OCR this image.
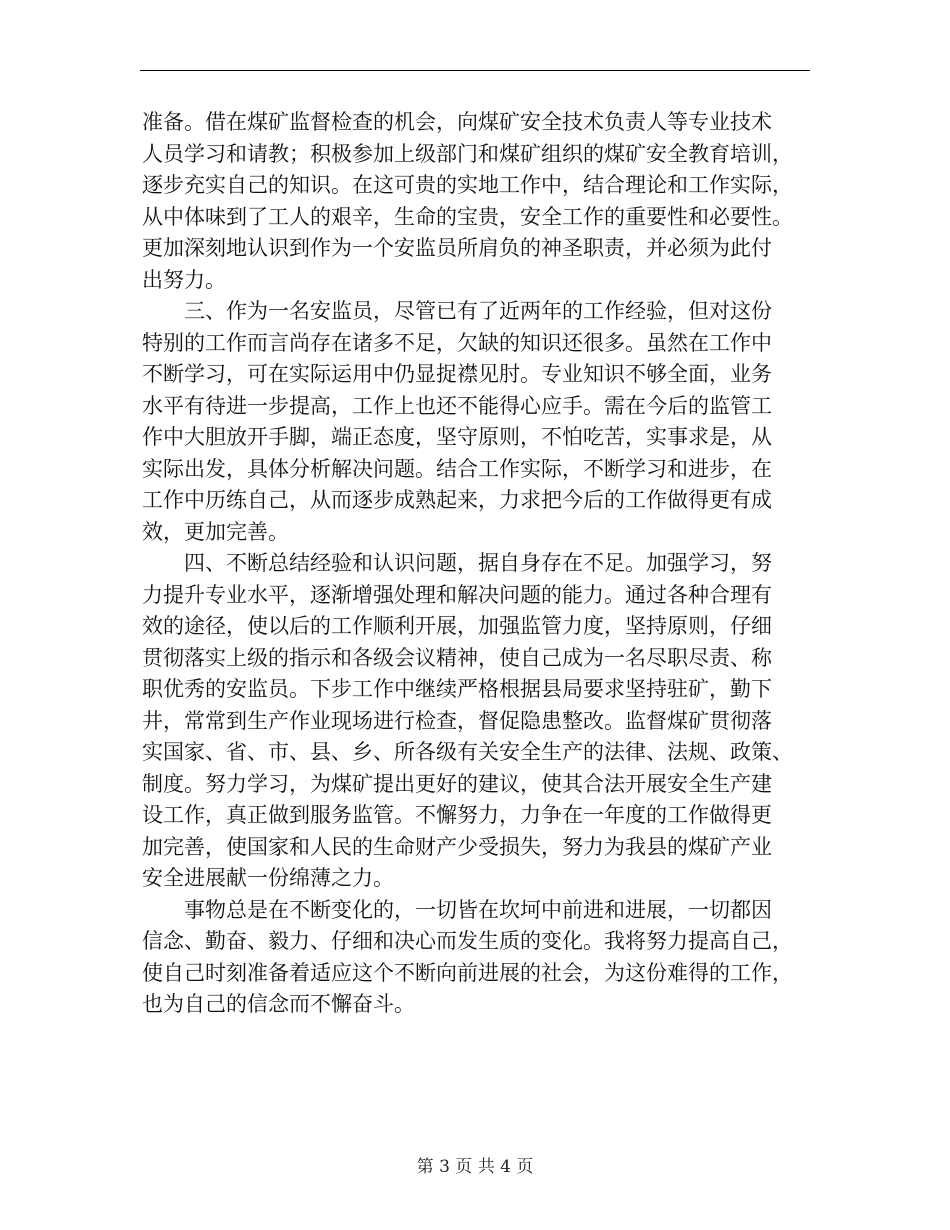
准备。借在煤矿监督检查的机会，向煤矿安全技术负责人等专业技术
人员学习和请教；积极参加上级部门和煤矿组织的煤矿安全教育培训，
逐步充实自己的知识。在这可贵的实地工作中，结合理论和工作实际，
从中体味到了工人的艰辛，生命的宝贵，安全工作的重要性和必要性。
更加深刻地认识到作为一个安监员所肩负的神圣职责，并必须为此付
出努力。
　　三、作为一名安监员，尽管已有了近两年的工作经验，但对这份
特别的工作而言尚存在诸多不足，欠缺的知识还很多。虽然在工作中
不断学习，可在实际运用中仍显捉襟见肘。专业知识不够全面，业务
水平有待进一步提高，工作上也还不能得心应手。需在今后的监管工
作中大胆放开手脚，端正态度，坚守原则，不怕吃苦，实事求是，从
实际出发，具体分析解决问题。结合工作实际，不断学习和进步，在
工作中历练自己，从而逐步成熟起来，力求把今后的工作做得更有成
效，更加完善。
　　四、不断总结经验和认识问题，据自身存在不足。加强学习，努
力提升专业水平，逐渐增强处理和解决问题的能力。通过各种合理有
效的途径，使以后的工作顺利开展，加强监管力度，坚持原则，仔细
贯彻落实上级的指示和各级会议精神，使自己成为一名尽职尽责、称
职优秀的安监员。下步工作中继续严格根据县局要求坚持驻矿，勤下
井，常常到生产作业现场进行检查，督促隐患整改。监督煤矿贯彻落
实国家、省、市、县、乡、所各级有关安全生产的法律、法规、政策、
制度。努力学习，为煤矿提出更好的建议，使其合法开展安全生产建
设工作，真正做到服务监管。不懈努力，力争在一年度的工作做得更
加完善，使国家和人民的生命财产少受损失，努力为我县的煤矿产业
安全进展献一份绵薄之力。
　　事物总是在不断变化的，一切皆在坎坷中前进和进展，一切都因
信念、勤奋、毅力、仔细和决心而发生质的变化。我将努力提高自己，
使自己时刻准备着适应这个不断向前进展的社会，为这份难得的工作，
也为自己的信念而不懈奋斗。
第 3 页 共 4 页
